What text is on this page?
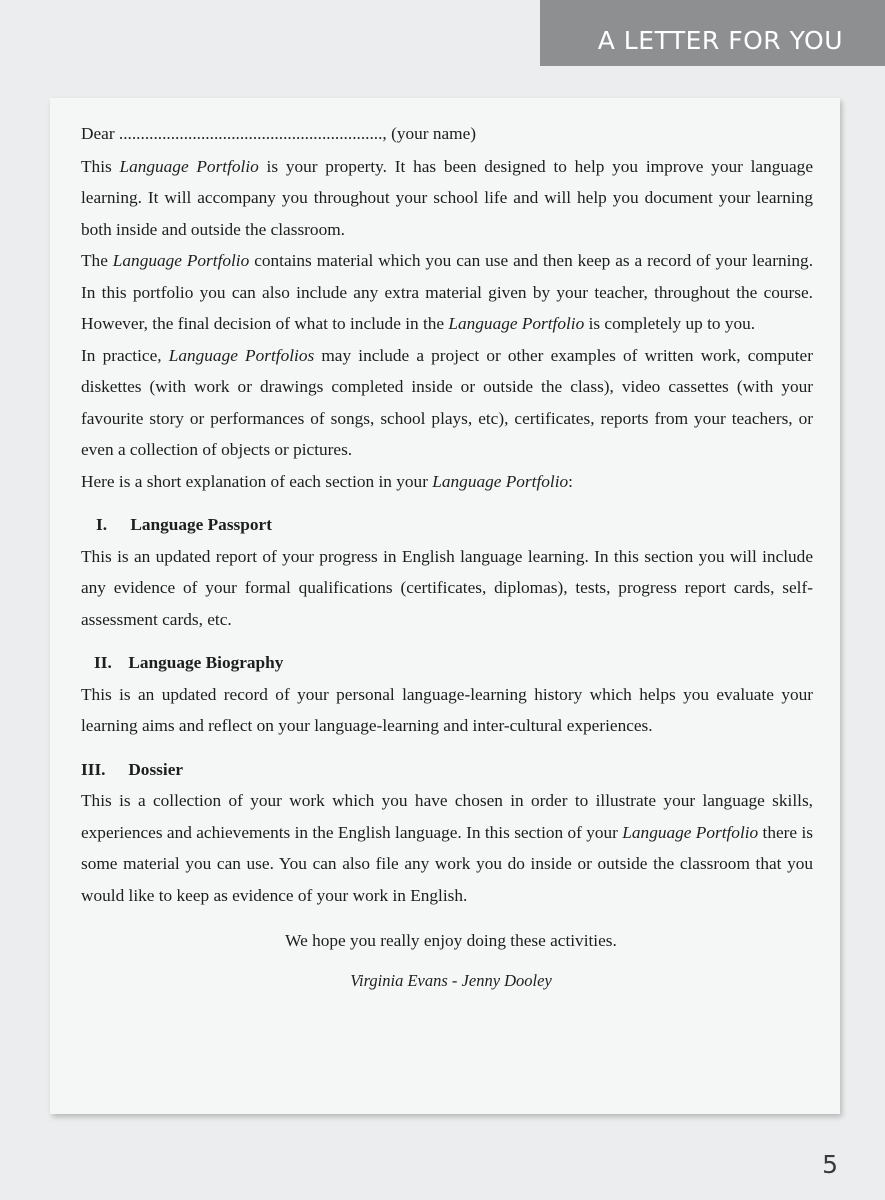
A LETTER FOR YOU

Dear ............................................................., (your name)

This Language Portfolio is your property. It has been designed to help you improve your language learning. It will accompany you throughout your school life and will help you document your learning both inside and outside the classroom.

The Language Portfolio contains material which you can use and then keep as a record of your learning. In this portfolio you can also include any extra material given by your teacher, throughout the course. However, the final decision of what to include in the Language Portfolio is completely up to you.

In practice, Language Portfolios may include a project or other examples of written work, computer diskettes (with work or drawings completed inside or outside the class), video cassettes (with your favourite story or performances of songs, school plays, etc), certificates, reports from your teachers, or even a collection of objects or pictures.

Here is a short explanation of each section in your Language Portfolio:

I. Language Passport

This is an updated report of your progress in English language learning. In this section you will include any evidence of your formal qualifications (certificates, diplomas), tests, progress report cards, self-assessment cards, etc.

II. Language Biography

This is an updated record of your personal language-learning history which helps you evaluate your learning aims and reflect on your language-learning and inter-cultural experiences.

III. Dossier

This is a collection of your work which you have chosen in order to illustrate your language skills, experiences and achievements in the English language. In this section of your Language Portfolio there is some material you can use. You can also file any work you do inside or outside the classroom that you would like to keep as evidence of your work in English.

We hope you really enjoy doing these activities.

Virginia Evans - Jenny Dooley

5
